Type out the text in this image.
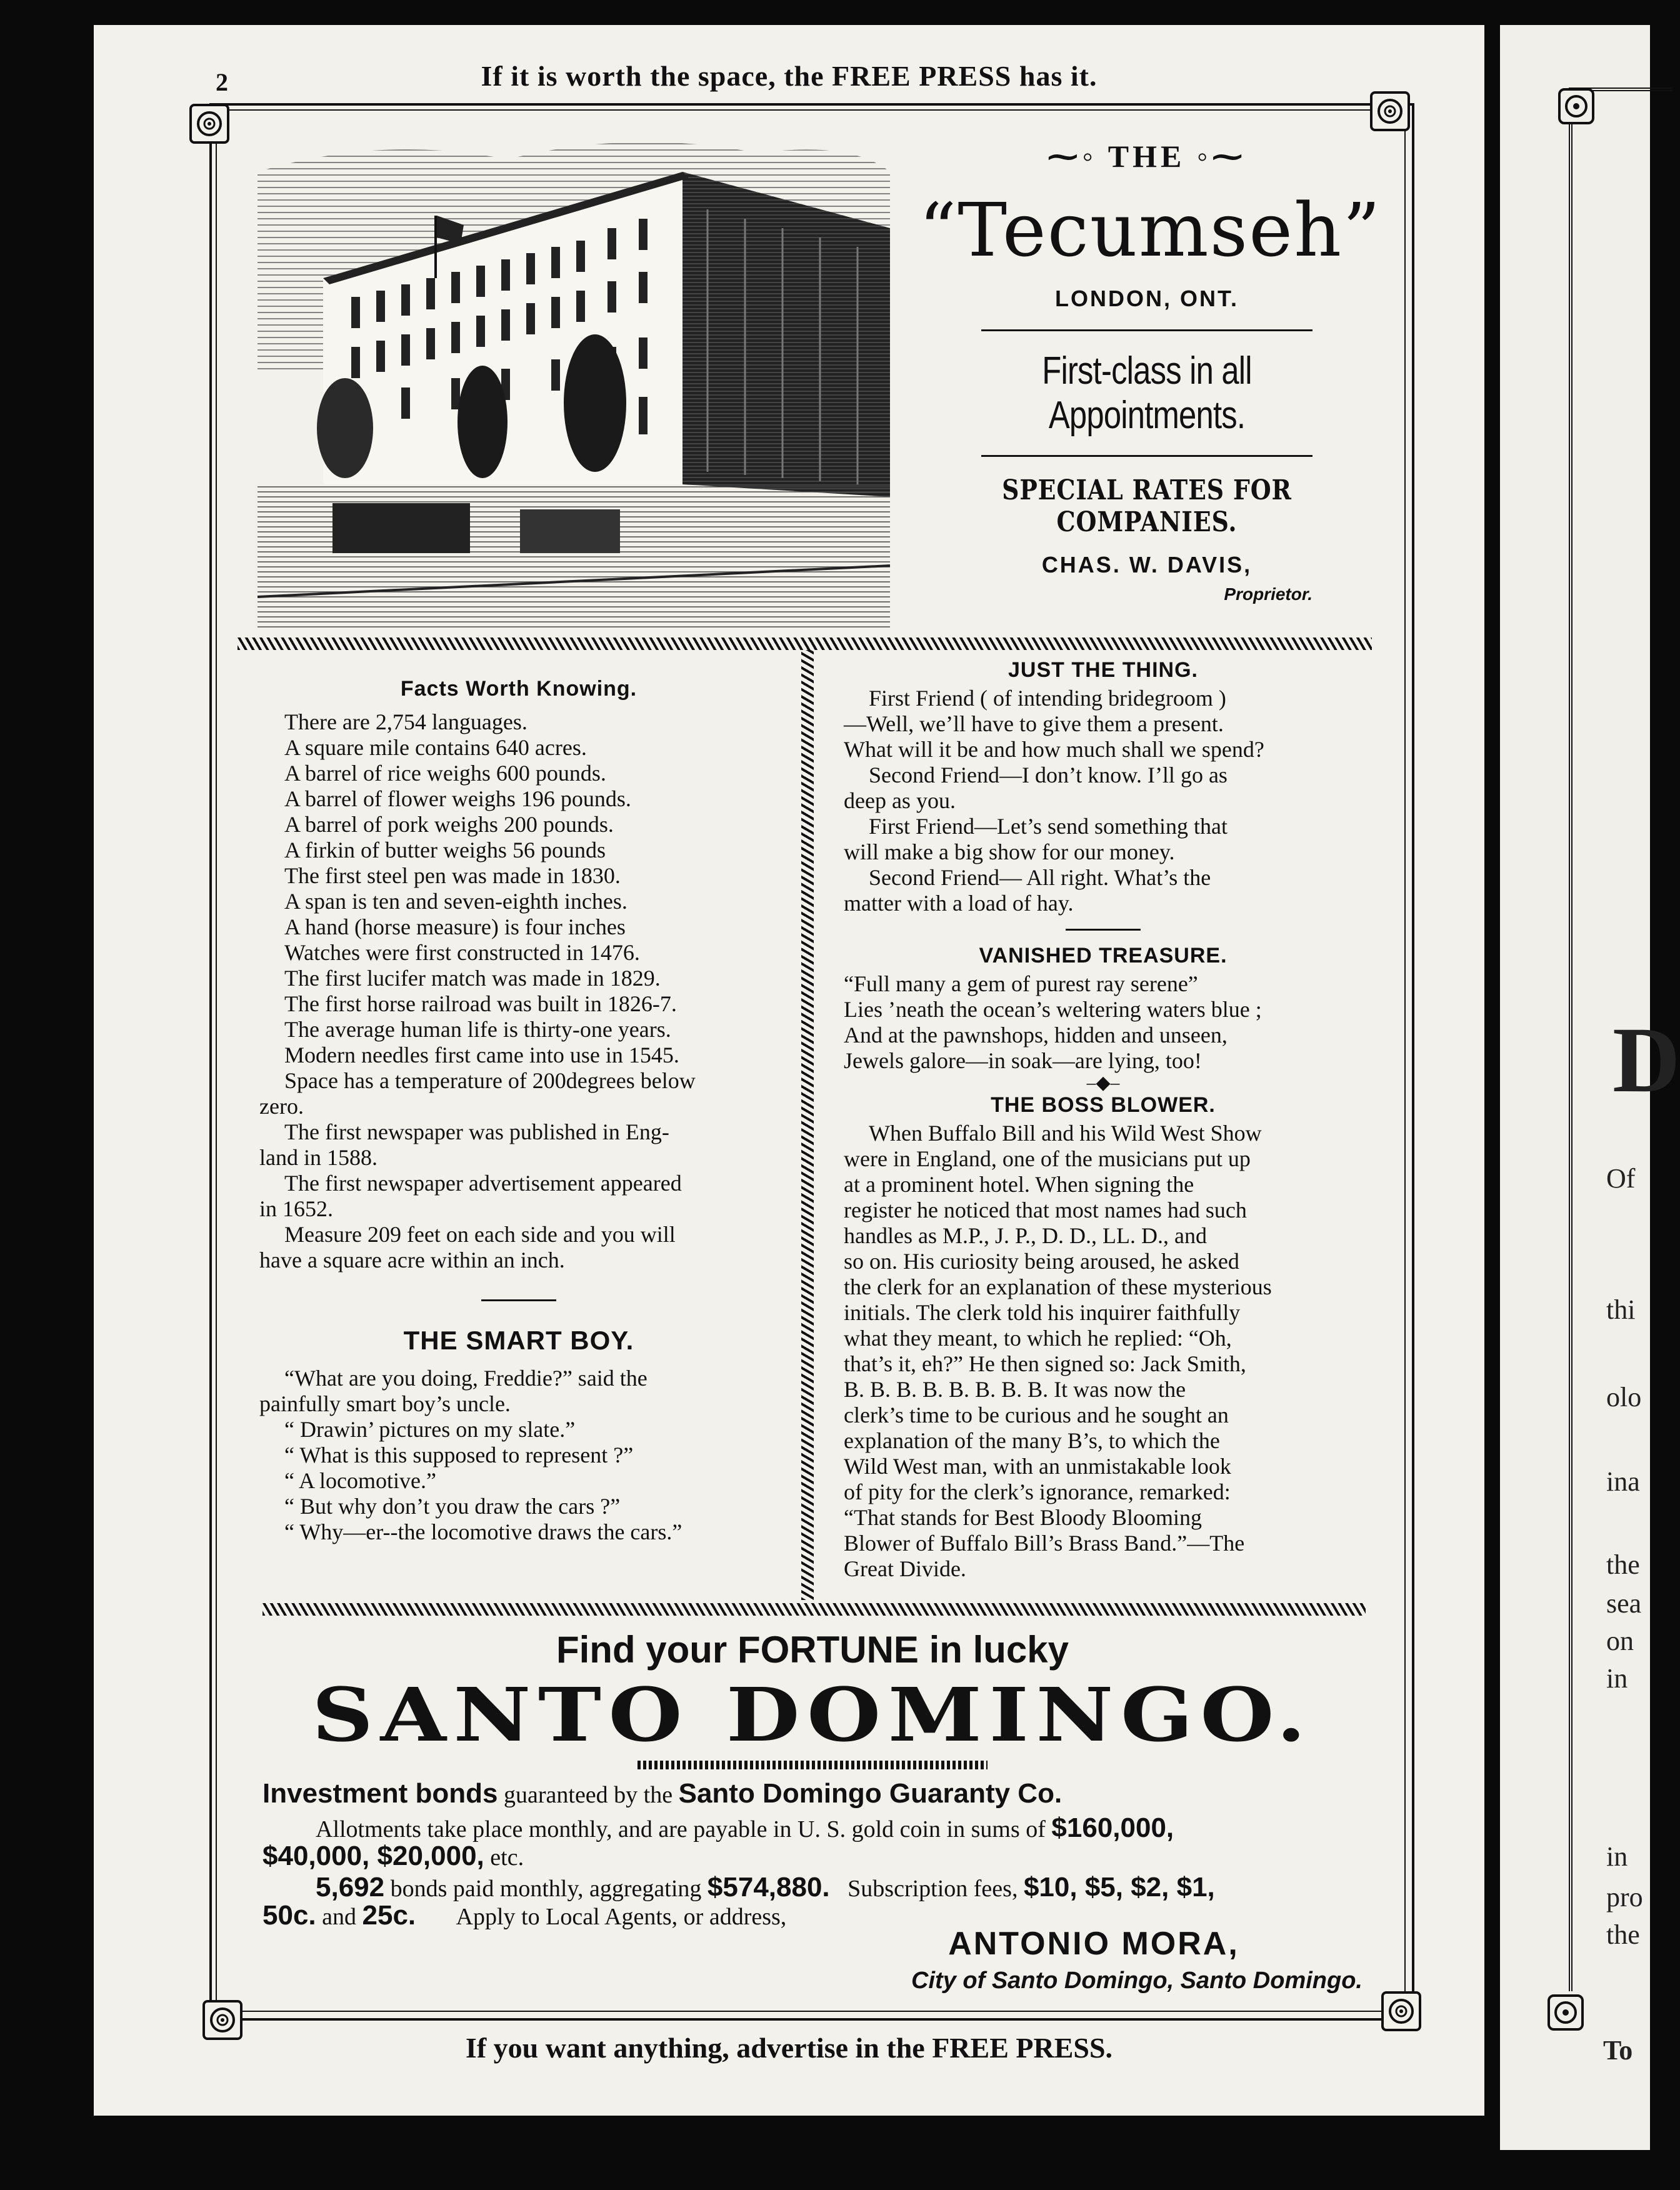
D
Of
thi
olo
ina
the
sea
on
in
in
pro
the
To
2	If it is worth the space, the FREE PRESS has it.
⁓◦ THE ◦⁓
“Tecumseh”
LONDON, ONT.
First-class in all Appointments.
SPECIAL RATES FOR COMPANIES.
CHAS. W. DAVIS,
Proprietor.
Facts Worth Knowing.
There are 2,754 languages.
A square mile contains 640 acres.
A barrel of rice weighs 600 pounds.
A barrel of flower weighs 196 pounds.
A barrel of pork weighs 200 pounds.
A firkin of butter weighs 56 pounds
The first steel pen was made in 1830.
A span is ten and seven-eighth inches.
A hand (horse measure) is four inches
Watches were first constructed in 1476.
The first lucifer match was made in 1829.
The first horse railroad was built in 1826-7.
The average human life is thirty-one years.
Modern needles first came into use in 1545.
Space has a temperature of 200degrees below
zero.
The first newspaper was published in Eng-
land in 1588.
The first newspaper advertisement appeared
in 1652.
Measure 209 feet on each side and you will
have a square acre within an inch.
THE SMART BOY.
“What are you doing, Freddie?” said the
painfully smart boy’s uncle.
“ Drawin’ pictures on my slate.”
“ What is this supposed to represent ?”
“ A locomotive.”
“ But why don’t you draw the cars ?”
“ Why—er--the locomotive draws the cars.”
JUST THE THING.
First Friend ( of intending bridegroom )
—Well, we’ll have to give them a present.
What will it be and how much shall we spend?
Second Friend—I don’t know. I’ll go as
deep as you.
First Friend—Let’s send something that
will make a big show for our money.
Second Friend— All right. What’s the
matter with a load of hay.
VANISHED TREASURE.
“Full many a gem of purest ray serene”
Lies ’neath the ocean’s weltering waters blue ;
And at the pawnshops, hidden and unseen,
Jewels galore—in soak—are lying, too!
⎯◆⎯
THE BOSS BLOWER.
When Buffalo Bill and his Wild West Show
were in England, one of the musicians put up
at a prominent hotel. When signing the
register he noticed that most names had such
handles as M.P., J. P., D. D., LL. D., and
so on. His curiosity being aroused, he asked
the clerk for an explanation of these mysterious
initials. The clerk told his inquirer faithfully
what they meant, to which he replied: “Oh,
that’s it, eh?” He then signed so: Jack Smith,
B. B. B. B. B. B. B. B. It was now the
clerk’s time to be curious and he sought an
explanation of the many B’s, to which the
Wild West man, with an unmistakable look
of pity for the clerk’s ignorance, remarked:
“That stands for Best Bloody Blooming
Blower of Buffalo Bill’s Brass Band.”—The
Great Divide.
Find your FORTUNE in lucky
SANTO DOMINGO.
Investment bonds guaranteed by the Santo Domingo Guaranty Co.
Allotments take place monthly, and are payable in U. S. gold coin in sums of $160,000,
$40,000, $20,000, etc.
5,692 bonds paid monthly, aggregating $574,880.   Subscription fees, $10, $5, $2, $1,
50c. and 25c.       Apply to Local Agents, or address,
ANTONIO MORA,
City of Santo Domingo, Santo Domingo.
If you want anything, advertise in the FREE PRESS.
